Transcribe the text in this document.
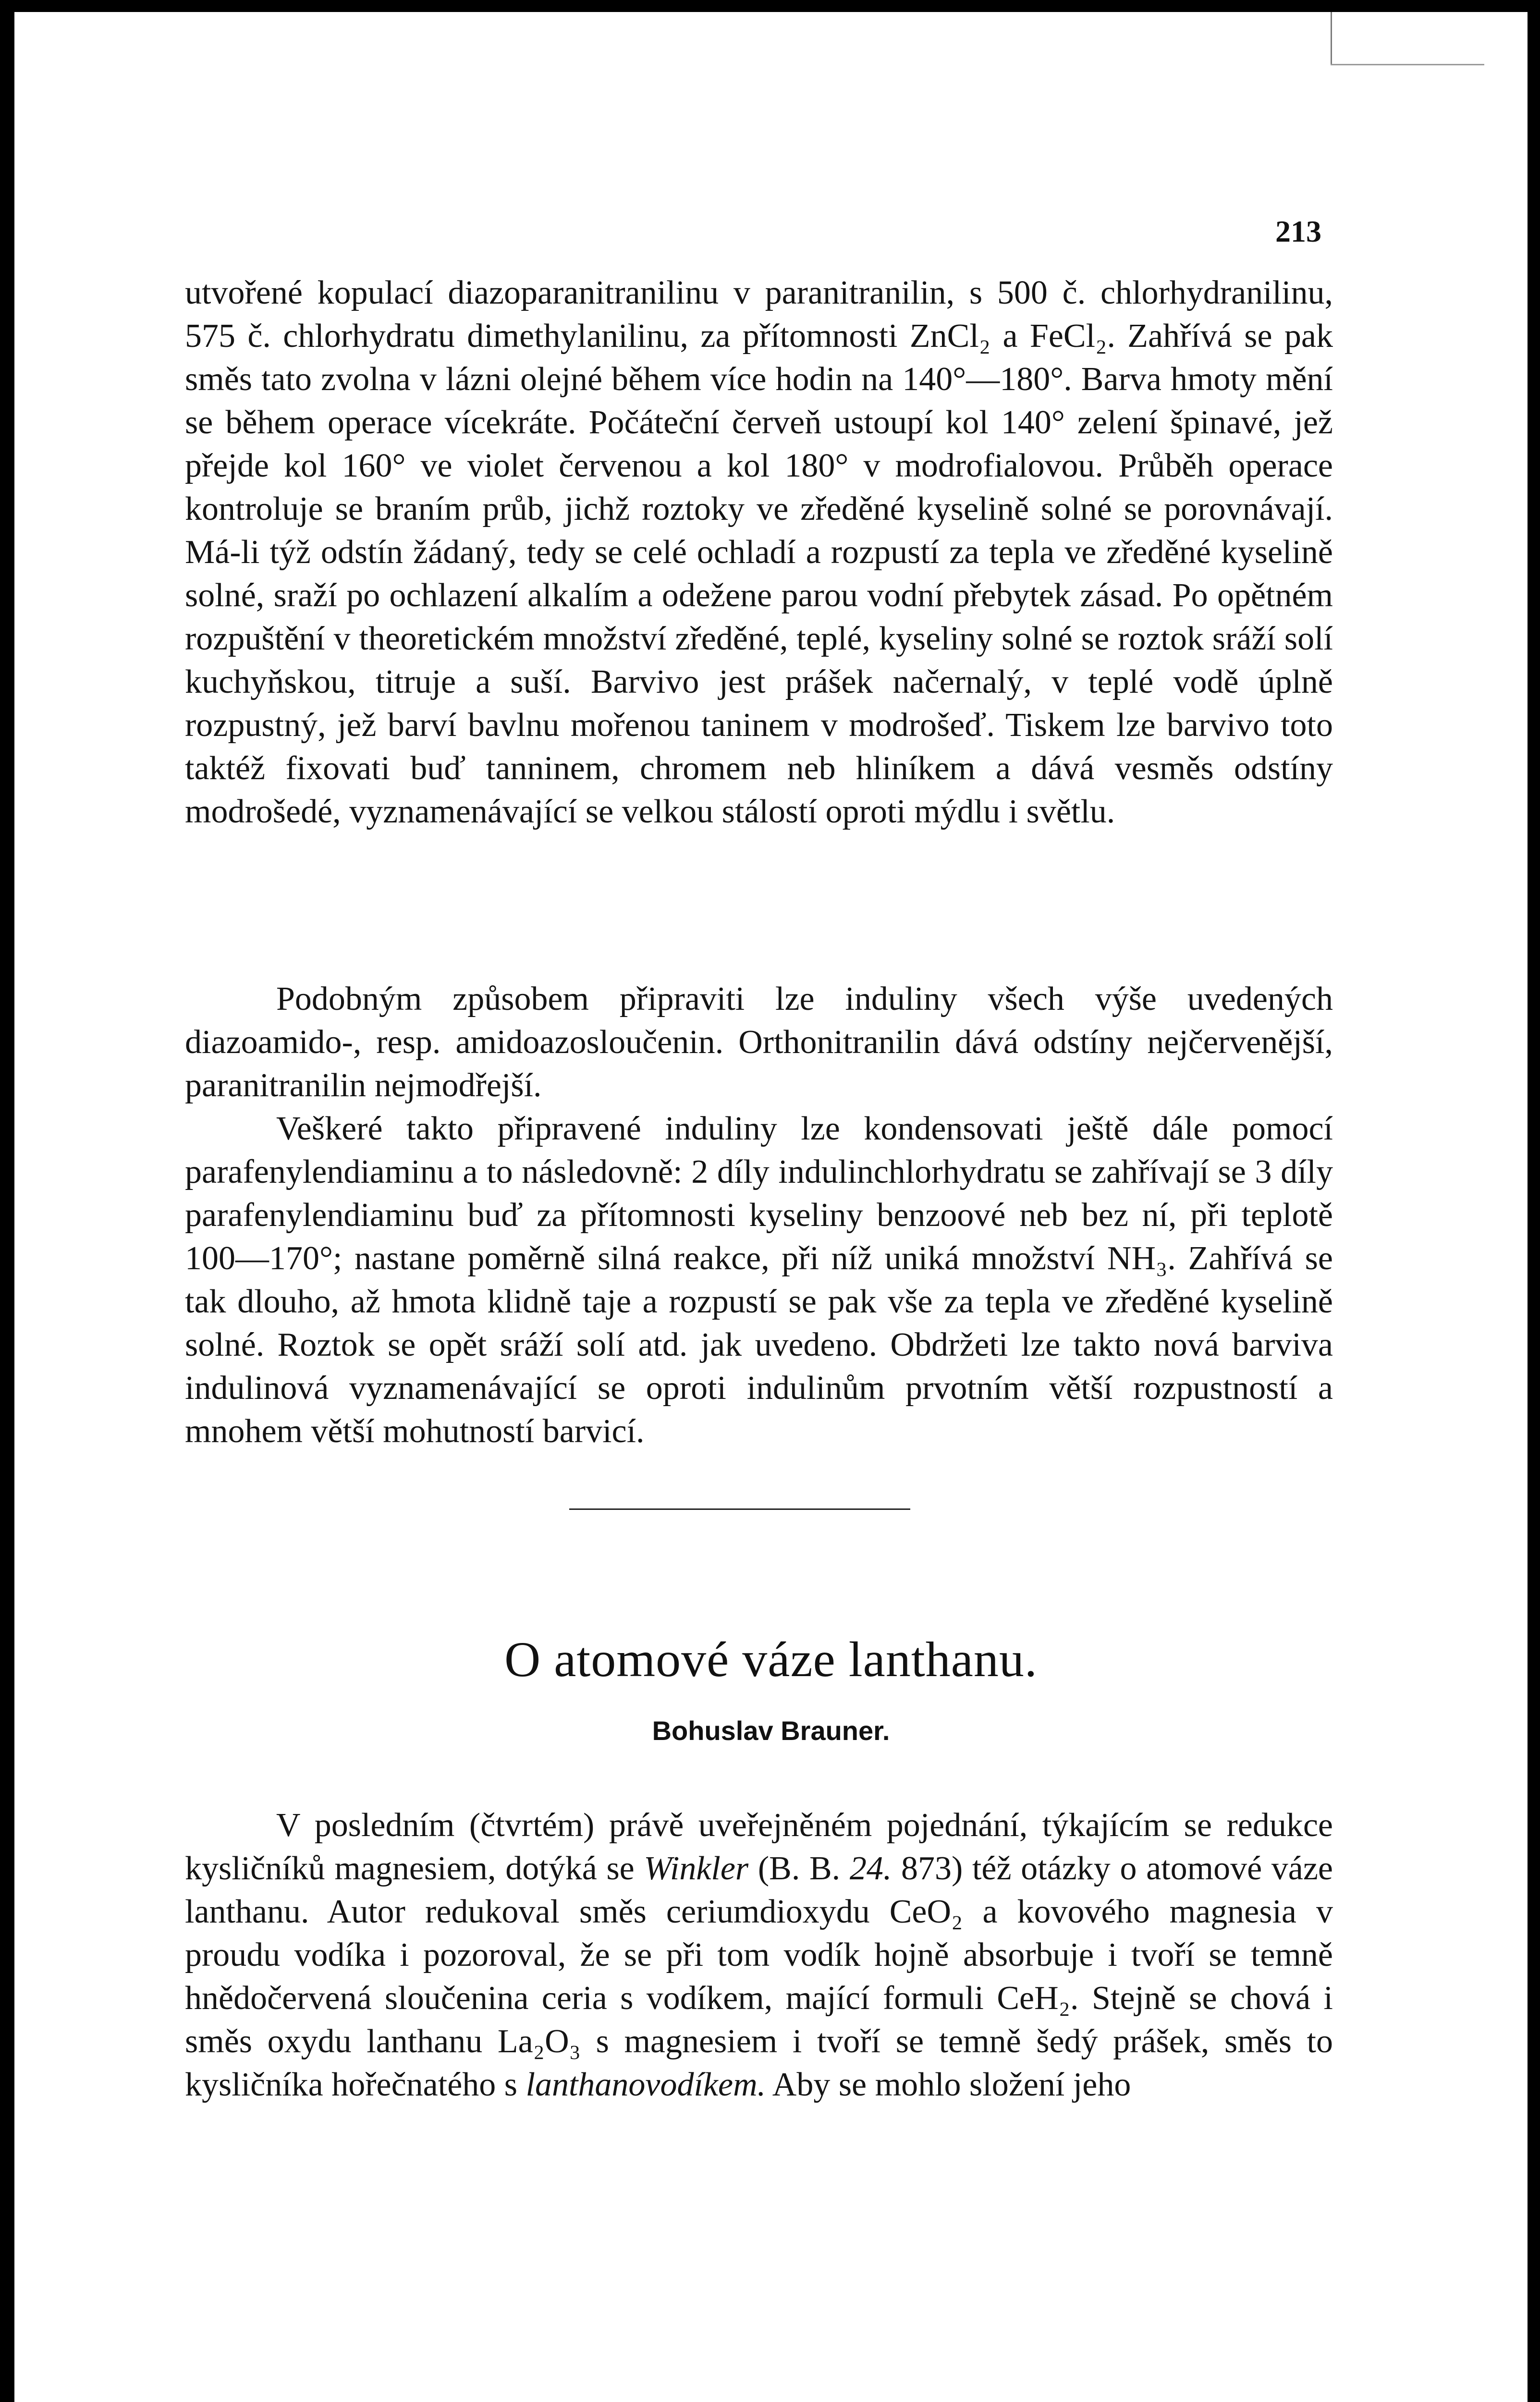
213

utvořené kopulací diazoparanitranilinu v paranitranilin, s 500 č. chlorhydranilinu, 575 č. chlorhydratu dimethylanilinu, za přítomnosti ZnCl₂ a FeCl₂. Zahřívá se pak směs tato zvolna v lázni olejné během více hodin na 140°—180°. Barva hmoty mění se během operace vícekráte. Počáteční červeň ustoupí kol 140° zelení špinavé, jež přejde kol 160° ve violet červenou a kol 180° v modrofialovou. Průběh operace kontroluje se braním průb, jichž roztoky ve zředěné kyselině solné se porovnávají. Má-li týž odstín žádaný, tedy se celé ochladí a rozpustí za tepla ve zředěné kyselině solné, sraží po ochlazení alkalím a odežene parou vodní přebytek zásad. Po opětném rozpuštění v theoretickém množství zředěné, teplé, kyseliny solné se roztok sráží solí kuchyňskou, titruje a suší. Barvivo jest prášek načernalý, v teplé vodě úplně rozpustný, jež barví bavlnu mořenou taninem v modrošeď. Tiskem lze barvivo toto taktéž fixovati buď tanninem, chromem neb hliníkem a dává vesměs odstíny modrošedé, vyznamenávající se velkou stálostí oproti mýdlu i světlu.

Podobným způsobem připraviti lze induliny všech výše uvedených diazoamido-, resp. amidoazosloučenin. Orthonitranilin dává odstíny nejčervenější, paranitranilin nejmodřejší.

Veškeré takto připravené induliny lze kondensovati ještě dále pomocí parafenylendiaminu a to následovně: 2 díly indulinchlorhydratu se zahřívají se 3 díly parafenylendiaminu buď za přítomnosti kyseliny benzoové neb bez ní, při teplotě 100—170°; nastane poměrně silná reakce, při níž uniká množství NH₃. Zahřívá se tak dlouho, až hmota klidně taje a rozpustí se pak vše za tepla ve zředěné kyselině solné. Roztok se opět sráží solí atd. jak uvedeno. Obdržeti lze takto nová barviva indulinová vyznamenávající se oproti indulinům prvotním větší rozpustností a mnohem větší mohutností barvicí.

O atomové váze lanthanu.
Bohuslav Brauner.

V posledním (čtvrtém) právě uveřejněném pojednání, týkajícím se redukce kysličníků magnesiem, dotýká se Winkler (B. B. 24. 873) též otázky o atomové váze lanthanu. Autor redukoval směs ceriumdioxydu CeO₂ a kovového magnesia v proudu vodíka i pozoroval, že se při tom vodík hojně absorbuje i tvoří se temně hnědočervená sloučenina ceria s vodíkem, mající formuli CeH₂. Stejně se chová i směs oxydu lanthanu La₂O₃ s magnesiem i tvoří se temně šedý prášek, směs to kysličníka hořečnatého s lanthanovodíkem. Aby se mohlo složení jeho
